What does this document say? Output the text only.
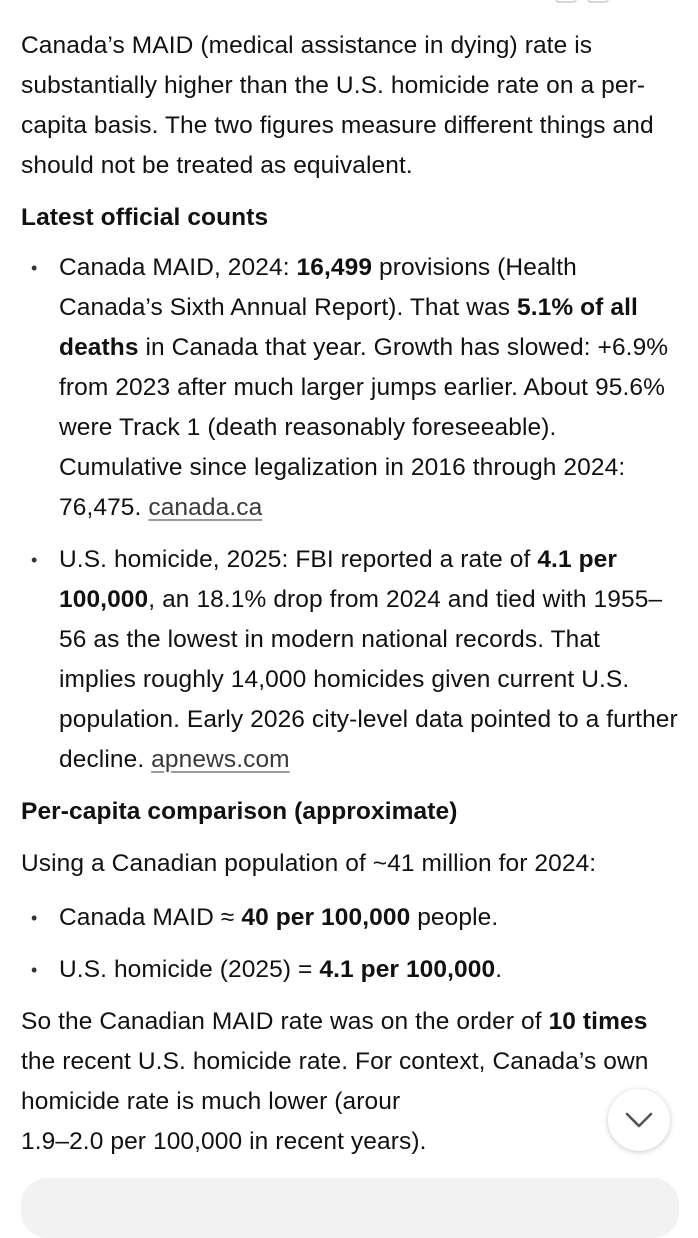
Canada’s MAID (medical assistance in dying) rate is substantially higher than the U.S. homicide rate on a per-capita basis. The two figures measure different things and should not be treated as equivalent.

Latest official counts
• Canada MAID, 2024: 16,499 provisions (Health Canada’s Sixth Annual Report). That was 5.1% of all deaths in Canada that year. Growth has slowed: +6.9% from 2023 after much larger jumps earlier. About 95.6% were Track 1 (death reasonably foreseeable). Cumulative since legalization in 2016 through 2024: 76,475. canada.ca
• U.S. homicide, 2025: FBI reported a rate of 4.1 per 100,000, an 18.1% drop from 2024 and tied with 1955–56 as the lowest in modern national records. That implies roughly 14,000 homicides given current U.S. population. Early 2026 city-level data pointed to a further decline. apnews.com
Per-capita comparison (approximate)

Using a Canadian population of ~41 million for 2024:

• Canada MAID ≈ 40 per 100,000 people.
• U.S. homicide (2025) = 4.1 per 100,000.

So the Canadian MAID rate was on the order of 10 times the recent U.S. homicide rate. For context, Canada’s own homicide rate is much lower (arour
1.9–2.0 per 100,000 in recent years).
